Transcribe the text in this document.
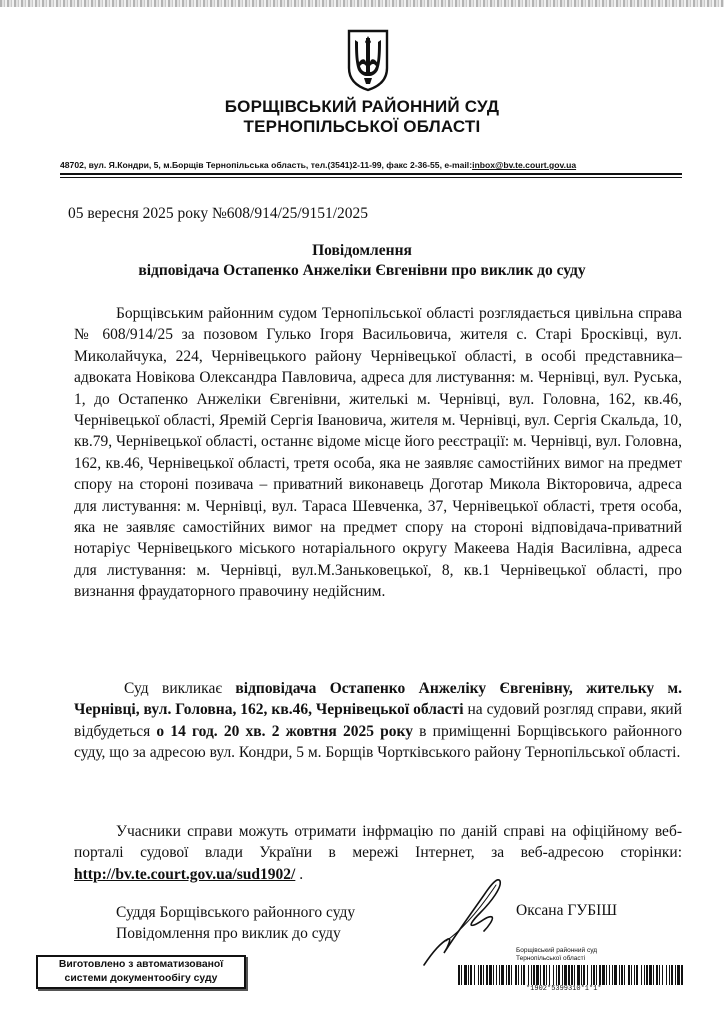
БОРЩІВСЬКИЙ РАЙОННИЙ СУД
ТЕРНОПІЛЬСЬКОЇ ОБЛАСТІ
48702, вул. Я.Кондри, 5, м.Борщів Тернопільська область, тел.(3541)2-11-99, факс 2-36-55, e-mail:inbox@bv.te.court.gov.ua
05 вересня 2025 року №608/914/25/9151/2025
Повідомлення
відповідача Остапенко Анжеліки Євгенівни про виклик до суду
Борщівським районним судом Тернопільської області розглядається цивільна справа № 608/914/25 за позовом Гулько Ігоря Васильовича, жителя с. Старі Броскiвці, вул. Миколайчука, 224, Чернівецького району Чернівецької області, в особі представника–адвоката Новікова Олександра Павловича, адреса для листування: м. Чернівці, вул. Руська, 1, до Остапенко Анжеліки Євгенівни, жителькі м. Чернівці, вул. Головна, 162, кв.46, Чернівецької області, Яремій Сергія Івановича, жителя м. Чернівці, вул. Сергія Скальда, 10, кв.79, Чернівецької області, останнє відоме місце його реєстрації: м. Чернівці, вул. Головна, 162, кв.46, Чернівецької області, третя особа, яка не заявляє самостійних вимог на предмет спору на стороні позивача – приватний виконавець Доготар Микола Вікторовича, адреса для листування: м. Чернівці, вул. Тараса Шевченка, 37, Чернівецької області, третя особа, яка не заявляє самостійних вимог на предмет спору на стороні відповідача-приватний нотаріус Чернівецького міського нотаріального округу Макеева Надія Василівна, адреса для листування: м. Чернівці, вул.М.Заньковецької, 8, кв.1 Чернівецької області, про визнання фраудаторного правочину недійсним.
Суд викликає відповідача Остапенко Анжеліку Євгенівну, жительку м. Чернівці, вул. Головна, 162, кв.46, Чернівецької області на судовий розгляд справи, який відбудеться о 14 год. 20 хв. 2 жовтня 2025 року в приміщенні Борщівського районного суду, що за адресою вул. Кондри, 5 м. Борщів Чортківського району Тернопільської області.
Учасники справи можуть отримати інфрмацію по даній справі на офіційному веб-порталі судової влади України в мережі Інтернет, за веб-адресою сторінки: http://bv.te.court.gov.ua/sud1902/ .
Суддя Борщівського районного суду
Повідомлення про виклик до суду
Оксана ГУБІШ
Виготовлено з автоматизованої
системи документообігу суду
Борщівський районний суд
Тернопільської області
*1902*5399310*1*1*
